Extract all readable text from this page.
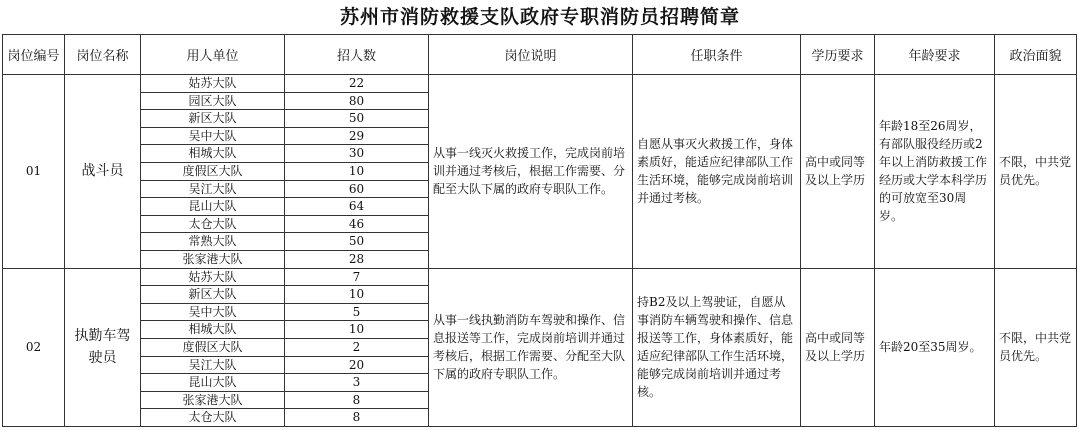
苏州市消防救援支队政府专职消防员招聘简章
岗位编号	岗位名称	用人单位	招人数	岗位说明	任职条件	学历要求	年龄要求	政治面貌
01	战斗员	姑苏大队	22	从事一线灭火救援工作，完成岗前培训并通过考核后，根据工作需要、分配至大队下属的政府专职队工作。	自愿从事灭火救援工作，身体素质好，能适应纪律部队工作生活环境，能够完成岗前培训并通过考核。	高中或同等及以上学历	年龄18至26周岁，有部队服役经历或2年以上消防救援工作经历或大学本科学历的可放宽至30周岁。	不限，中共党员优先。
		园区大队	80					
		新区大队	50					
		吴中大队	29					
		相城大队	30					
		度假区大队	10					
		吴江大队	60					
		昆山大队	64					
		太仓大队	46					
		常熟大队	50					
		张家港大队	28					
02	执勤车驾驶员	姑苏大队	7	从事一线执勤消防车驾驶和操作、信息报送等工作，完成岗前培训并通过考核后，根据工作需要、分配至大队下属的政府专职队工作。	持B2及以上驾驶证，自愿从事消防车辆驾驶和操作、信息报送等工作，身体素质好，能适应纪律部队工作生活环境，能够完成岗前培训并通过考核。	高中或同等及以上学历	年龄20至35周岁。	不限，中共党员优先。
		新区大队	10					
		吴中大队	5					
		相城大队	10					
		度假区大队	2					
		吴江大队	20					
		昆山大队	3					
		张家港大队	8					
		太仓大队	8					
